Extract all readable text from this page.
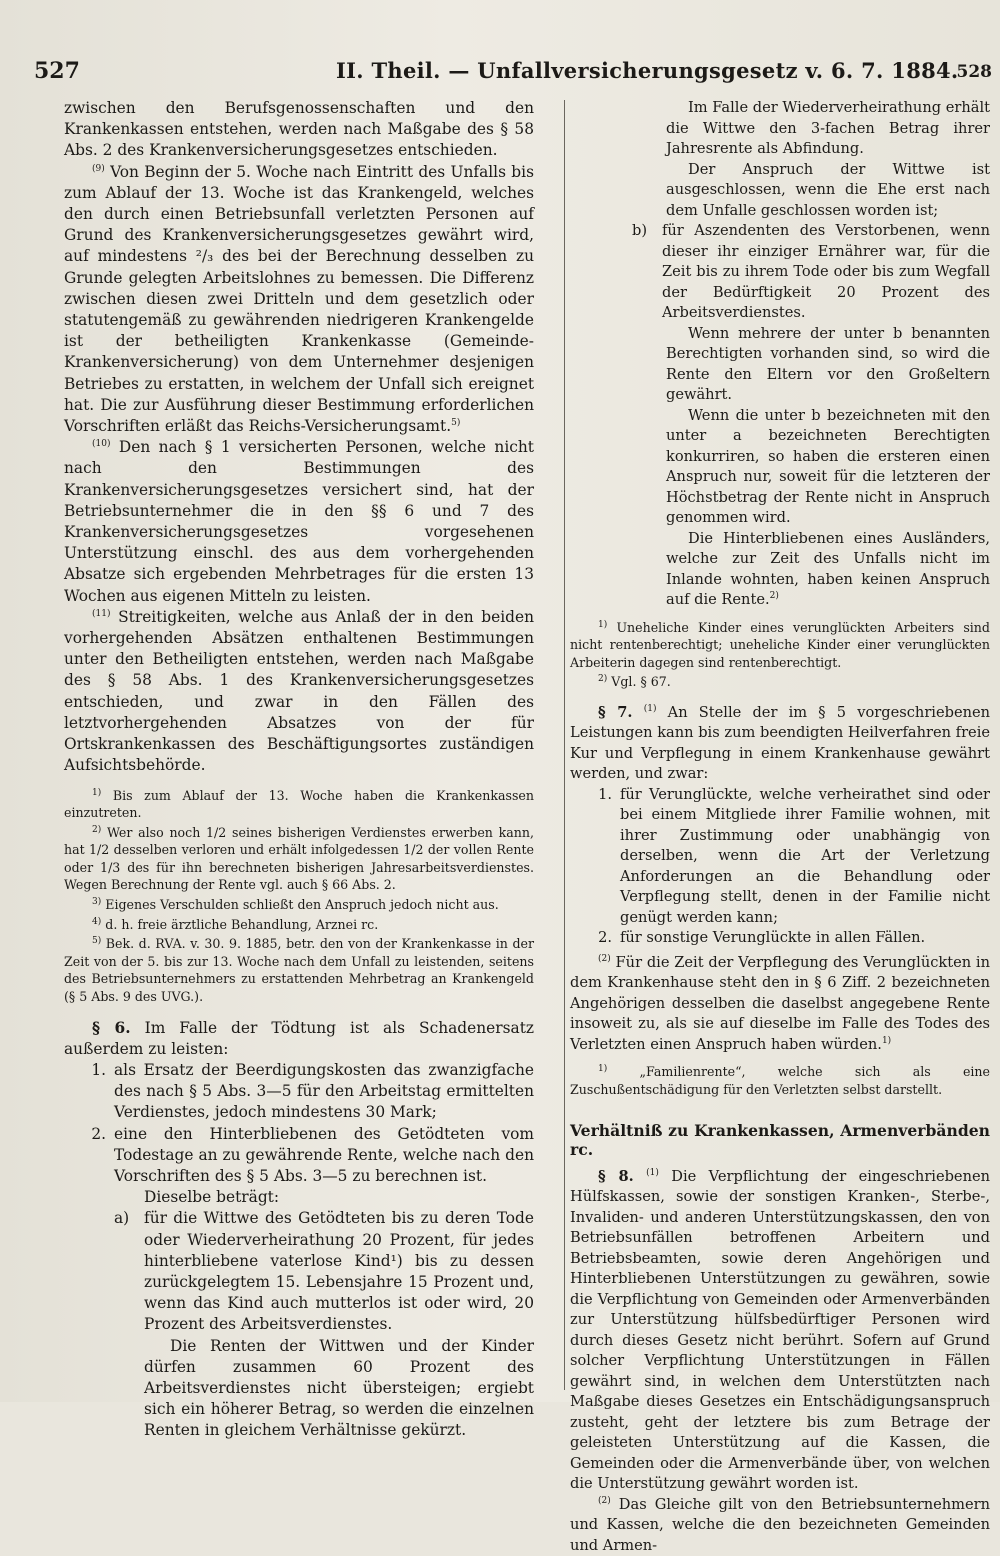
527	II. Theil. — Unfallversicherungsgesetz v. 6. 7. 1884.
528

zwischen den Berufsgenossenschaften und den Krankenkassen entstehen, werden nach Maßgabe des § 58 Abs. 2 des Krankenversicherungsgesetzes entschieden.

$^{(9)}$ Von Beginn der 5. Woche nach Eintritt des Unfalls bis zum Ablauf der 13. Woche ist das Krankengeld, welches den durch einen Betriebsunfall verletzten Personen auf Grund des Krankenversicherungsgesetzes gewährt wird, auf mindestens ²/₃ des bei der Berechnung desselben zu Grunde gelegten Arbeitslohnes zu bemessen. Die Differenz zwischen diesen zwei Dritteln und dem gesetzlich oder statutengemäß zu gewährenden niedrigeren Krankengelde ist der betheiligten Krankenkasse (Gemeinde-Krankenversicherung) von dem Unternehmer desjenigen Betriebes zu erstatten, in welchem der Unfall sich ereignet hat. Die zur Ausführung dieser Bestimmung erforderlichen Vorschriften erläßt das Reichs-Versicherungsamt.$^{5)}$

$^{(10)}$ Den nach § 1 versicherten Personen, welche nicht nach den Bestimmungen des Krankenversicherungsgesetzes versichert sind, hat der Betriebsunternehmer die in den §§ 6 und 7 des Krankenversicherungsgesetzes vorgesehenen Unterstützung einschl. des aus dem vorhergehenden Absatze sich ergebenden Mehrbetrages für die ersten 13 Wochen aus eigenen Mitteln zu leisten.

$^{(11)}$ Streitigkeiten, welche aus Anlaß der in den beiden vorhergehenden Absätzen enthaltenen Bestimmungen unter den Betheiligten entstehen, werden nach Maßgabe des § 58 Abs. 1 des Krankenversicherungsgesetzes entschieden, und zwar in den Fällen des letztvorhergehenden Absatzes von der für Ortskrankenkassen des Beschäftigungsortes zuständigen Aufsichtsbehörde.

$^{1)}$ Bis zum Ablauf der 13. Woche haben die Krankenkassen einzutreten.

$^{2)}$ Wer also noch 1/2 seines bisherigen Verdienstes erwerben kann, hat 1/2 desselben verloren und erhält infolgedessen 1/2 der vollen Rente oder 1/3 des für ihn berechneten bisherigen Jahresarbeitsverdienstes. Wegen Berechnung der Rente vgl. auch § 66 Abs. 2.

$^{3)}$ Eigenes Verschulden schließt den Anspruch jedoch nicht aus.

$^{4)}$ d. h. freie ärztliche Behandlung, Arznei rc.

$^{5)}$ Bek. d. RVA. v. 30. 9. 1885, betr. den von der Krankenkasse in der Zeit von der 5. bis zur 13. Woche nach dem Unfall zu leistenden, seitens des Betriebsunternehmers zu erstattenden Mehrbetrag an Krankengeld (§ 5 Abs. 9 des UVG.).

§ 6. Im Falle der Tödtung ist als Schadenersatz außerdem zu leisten:

1. als Ersatz der Beerdigungskosten das zwanzigfache des nach § 5 Abs. 3—5 für den Arbeitstag ermittelten Verdienstes, jedoch mindestens 30 Mark;
2. eine den Hinterbliebenen des Getödteten vom Todestage an zu gewährende Rente, welche nach den Vorschriften des § 5 Abs. 3—5 zu berechnen ist.

Dieselbe beträgt:

a) für die Wittwe des Getödteten bis zu deren Tode oder Wiederverheirathung 20 Prozent, für jedes hinterbliebene vaterlose Kind¹) bis zu dessen zurückgelegtem 15. Lebensjahre 15 Prozent und, wenn das Kind auch mutterlos ist oder wird, 20 Prozent des Arbeitsverdienstes.

Die Renten der Wittwen und der Kinder dürfen zusammen 60 Prozent des Arbeitsverdienstes nicht übersteigen; ergiebt sich ein höherer Betrag, so werden die einzelnen Renten in gleichem Verhältnisse gekürzt.

Im Falle der Wiederverheirathung erhält die Wittwe den 3-fachen Betrag ihrer Jahresrente als Abfindung.

Der Anspruch der Wittwe ist ausgeschlossen, wenn die Ehe erst nach dem Unfalle geschlossen worden ist;

b)	für Aszendenten des Verstorbenen, wenn dieser ihr einziger Ernährer war, für die Zeit bis zu ihrem Tode oder bis zum Wegfall der Bedürftigkeit 20 Prozent des Arbeitsverdienstes.

Wenn mehrere der unter b benannten Berechtigten vorhanden sind, so wird die Rente den Eltern vor den Großeltern gewährt.

Wenn die unter b bezeichneten mit den unter a bezeichneten Berechtigten konkurriren, so haben die ersteren einen Anspruch nur, soweit für die letzteren der Höchstbetrag der Rente nicht in Anspruch genommen wird.

Die Hinterbliebenen eines Ausländers, welche zur Zeit des Unfalls nicht im Inlande wohnten, haben keinen Anspruch auf die Rente.$^{2)}$

$^{1)}$ Uneheliche Kinder eines verunglückten Arbeiters sind nicht rentenberechtigt; uneheliche Kinder einer verunglückten Arbeiterin dagegen sind rentenberechtigt.

$^{2)}$ Vgl. § 67.

§ 7. $^{(1)}$ An Stelle der im § 5 vorgeschriebenen Leistungen kann bis zum beendigten Heilverfahren freie Kur und Verpflegung in einem Krankenhause gewährt werden, und zwar:

1. für Verunglückte, welche verheirathet sind oder bei einem Mitgliede ihrer Familie wohnen, mit ihrer Zustimmung oder unabhängig von derselben, wenn die Art der Verletzung Anforderungen an die Behandlung oder Verpflegung stellt, denen in der Familie nicht genügt werden kann;
2. für sonstige Verunglückte in allen Fällen.

$^{(2)}$ Für die Zeit der Verpflegung des Verunglückten in dem Krankenhause steht den in § 6 Ziff. 2 bezeichneten Angehörigen desselben die daselbst angegebene Rente insoweit zu, als sie auf dieselbe im Falle des Todes des Verletzten einen Anspruch haben würden.$^{1)}$

$^{1)}$	„Familienrente“, welche sich als eine Zuschußentschädigung für den Verletzten selbst darstellt.

Verhältniß zu Krankenkassen, Armenverbänden rc.

§ 8. $^{(1)}$ Die Verpflichtung der eingeschriebenen Hülfskassen, sowie der sonstigen Kranken-, Sterbe-, Invaliden- und anderen Unterstützungskassen, den von Betriebsunfällen betroffenen Arbeitern und Betriebsbeamten, sowie deren Angehörigen und Hinterbliebenen Unterstützungen zu gewähren, sowie die Verpflichtung von Gemeinden oder Armenverbänden zur Unterstützung hülfsbedürftiger Personen wird durch dieses Gesetz nicht berührt. Sofern auf Grund solcher Verpflichtung Unterstützungen in Fällen gewährt sind, in welchen dem Unterstützten nach Maßgabe dieses Gesetzes ein Entschädigungsanspruch zusteht, geht der letztere bis zum Betrage der geleisteten Unterstützung auf die Kassen, die Gemeinden oder die Armenverbände über, von welchen die Unterstützung gewährt worden ist.

$^{(2)}$ Das Gleiche gilt von den Betriebsunternehmern und Kassen, welche die den bezeichneten Gemeinden und Armen-
